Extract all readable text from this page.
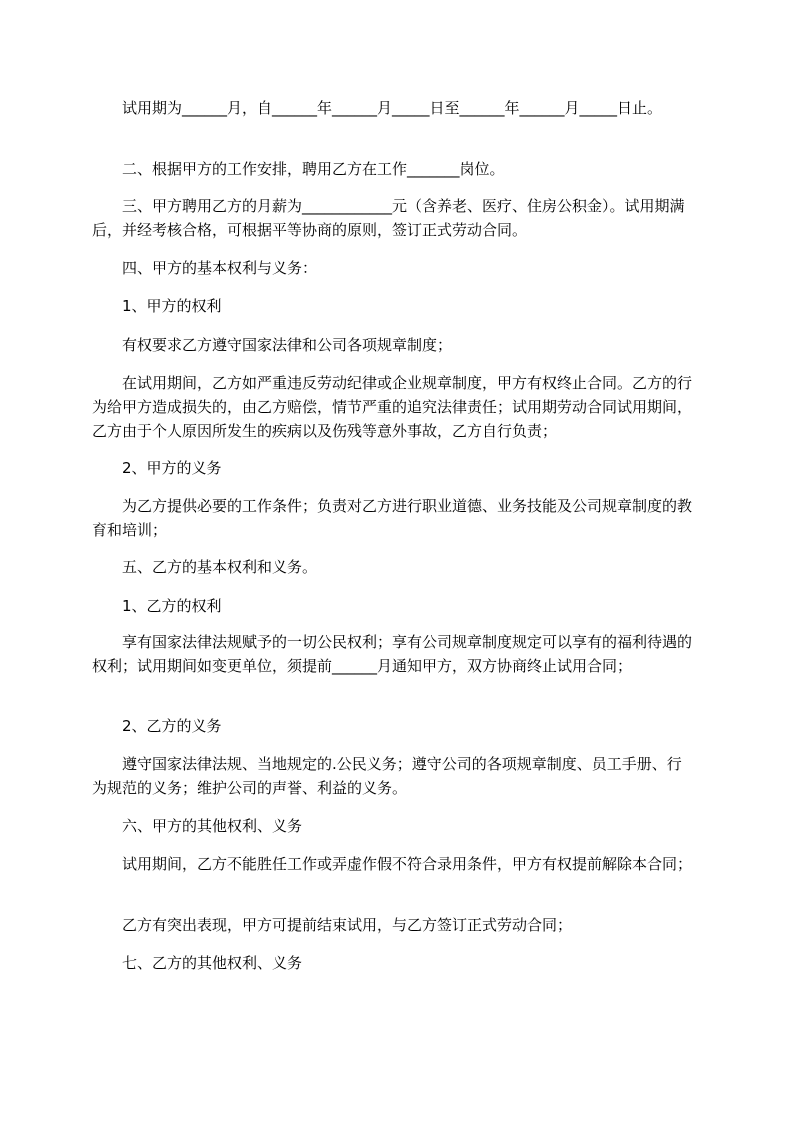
试用期为______月，自______年______月_____日至______年______月_____日止。

二、根据甲方的工作安排，聘用乙方在工作_______岗位。

三、甲方聘用乙方的月薪为____________元（含养老、医疗、住房公积金）。试用期满后，并经考核合格，可根据平等协商的原则，签订正式劳动合同。

四、甲方的基本权利与义务：

1、甲方的权利

有权要求乙方遵守国家法律和公司各项规章制度；

在试用期间，乙方如严重违反劳动纪律或企业规章制度，甲方有权终止合同。乙方的行为给甲方造成损失的，由乙方赔偿，情节严重的追究法律责任；试用期劳动合同试用期间，乙方由于个人原因所发生的疾病以及伤残等意外事故，乙方自行负责；

2、甲方的义务

为乙方提供必要的工作条件；负责对乙方进行职业道德、业务技能及公司规章制度的教育和培训；

五、乙方的基本权利和义务。

1、乙方的权利

享有国家法律法规赋予的一切公民权利；享有公司规章制度规定可以享有的福利待遇的权利；试用期间如变更单位，须提前______月通知甲方，双方协商终止试用合同；

2、乙方的义务

遵守国家法律法规、当地规定的.公民义务；遵守公司的各项规章制度、员工手册、行为规范的义务；维护公司的声誉、利益的义务。

六、甲方的其他权利、义务

试用期间，乙方不能胜任工作或弄虚作假不符合录用条件，甲方有权提前解除本合同；

乙方有突出表现，甲方可提前结束试用，与乙方签订正式劳动合同；

七、乙方的其他权利、义务
